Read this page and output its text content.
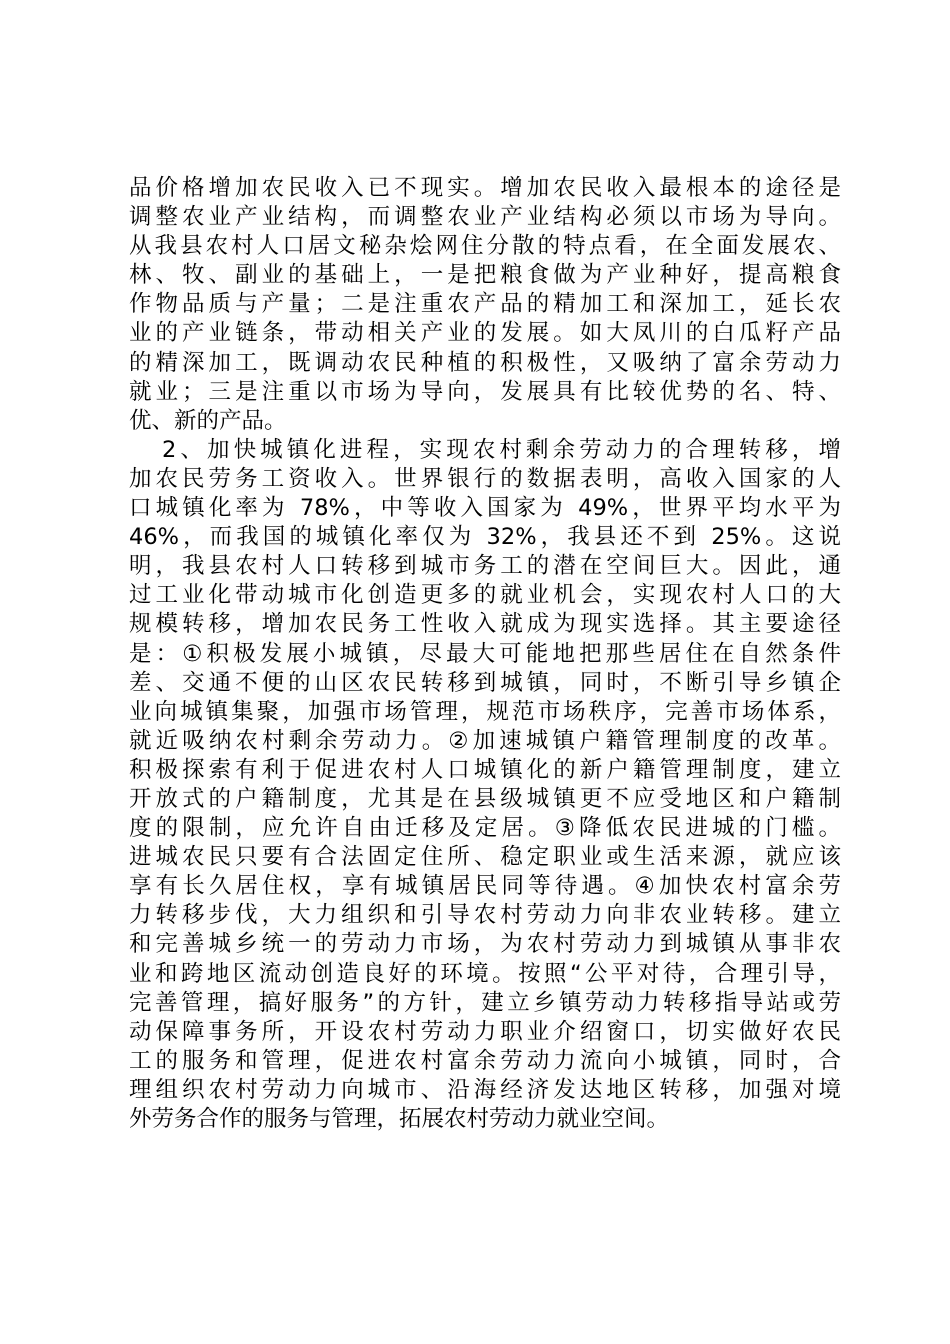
品价格增加农民收入已不现实。增加农民收入最根本的途径是
调整农业产业结构，而调整农业产业结构必须以市场为导向。
从我县农村人口居文秘杂烩网住分散的特点看，在全面发展农、
林、牧、副业的基础上，一是把粮食做为产业种好，提高粮食
作物品质与产量；二是注重农产品的精加工和深加工，延长农
业的产业链条，带动相关产业的发展。如大凤川的白瓜籽产品
的精深加工，既调动农民种植的积极性，又吸纳了富余劳动力
就业；三是注重以市场为导向，发展具有比较优势的名、特、
优、新的产品。
2、加快城镇化进程，实现农村剩余劳动力的合理转移，增
加农民劳务工资收入。世界银行的数据表明，高收入国家的人
口城镇化率为 78%，中等收入国家为 49%，世界平均水平为
46%，而我国的城镇化率仅为 32%，我县还不到 25%。这说
明，我县农村人口转移到城市务工的潜在空间巨大。因此，通
过工业化带动城市化创造更多的就业机会，实现农村人口的大
规模转移，增加农民务工性收入就成为现实选择。其主要途径
是：①积极发展小城镇，尽最大可能地把那些居住在自然条件
差、交通不便的山区农民转移到城镇，同时，不断引导乡镇企
业向城镇集聚，加强市场管理，规范市场秩序，完善市场体系，
就近吸纳农村剩余劳动力。②加速城镇户籍管理制度的改革。
积极探索有利于促进农村人口城镇化的新户籍管理制度，建立
开放式的户籍制度，尤其是在县级城镇更不应受地区和户籍制
度的限制，应允许自由迁移及定居。③降低农民进城的门槛。
进城农民只要有合法固定住所、稳定职业或生活来源，就应该
享有长久居住权，享有城镇居民同等待遇。④加快农村富余劳
力转移步伐，大力组织和引导农村劳动力向非农业转移。建立
和完善城乡统一的劳动力市场，为农村劳动力到城镇从事非农
业和跨地区流动创造良好的环境。按照“公平对待，合理引导，
完善管理，搞好服务”的方针，建立乡镇劳动力转移指导站或劳
动保障事务所，开设农村劳动力职业介绍窗口，切实做好农民
工的服务和管理，促进农村富余劳动力流向小城镇，同时，合
理组织农村劳动力向城市、沿海经济发达地区转移，加强对境
外劳务合作的服务与管理，拓展农村劳动力就业空间。
